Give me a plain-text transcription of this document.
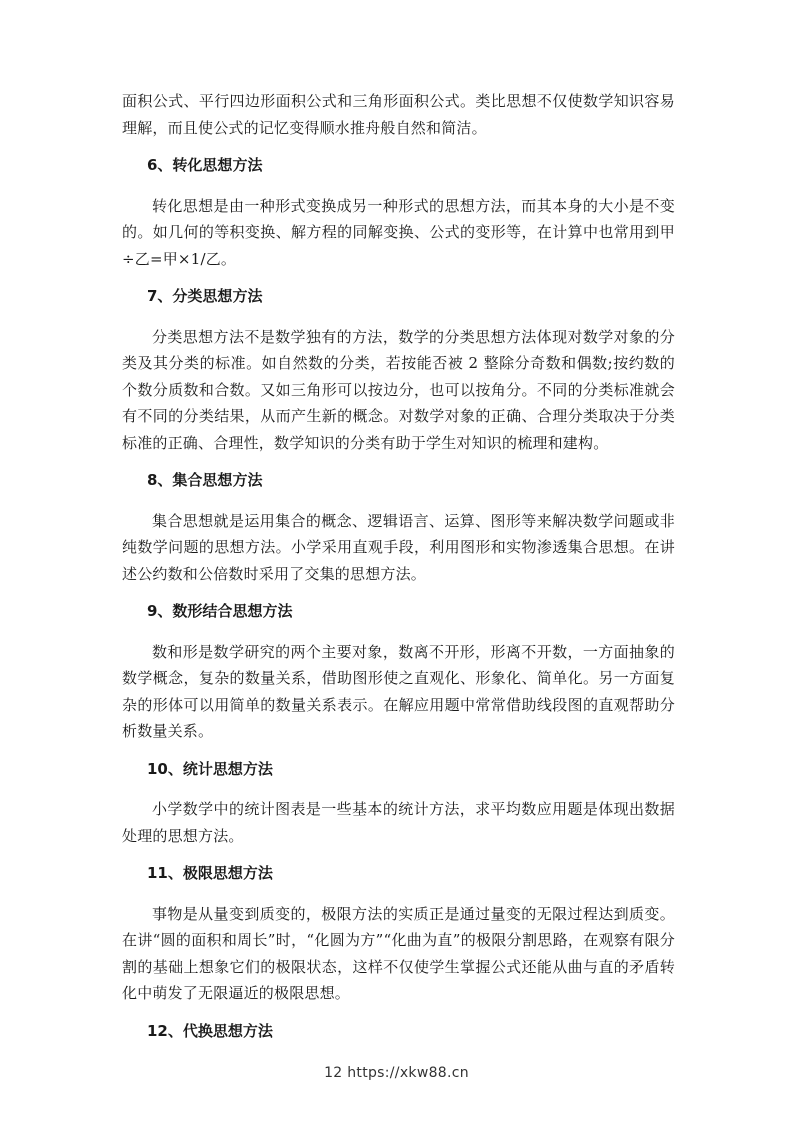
面积公式、平行四边形面积公式和三角形面积公式。类比思想不仅使数学知识容易理解，而且使公式的记忆变得顺水推舟般自然和简洁。

6、转化思想方法

转化思想是由一种形式变换成另一种形式的思想方法，而其本身的大小是不变的。如几何的等积变换、解方程的同解变换、公式的变形等，在计算中也常用到甲÷乙=甲×1/乙。

7、分类思想方法

分类思想方法不是数学独有的方法，数学的分类思想方法体现对数学对象的分类及其分类的标准。如自然数的分类，若按能否被 2 整除分奇数和偶数;按约数的个数分质数和合数。又如三角形可以按边分，也可以按角分。不同的分类标准就会有不同的分类结果，从而产生新的概念。对数学对象的正确、合理分类取决于分类标准的正确、合理性，数学知识的分类有助于学生对知识的梳理和建构。

8、集合思想方法

集合思想就是运用集合的概念、逻辑语言、运算、图形等来解决数学问题或非纯数学问题的思想方法。小学采用直观手段，利用图形和实物渗透集合思想。在讲述公约数和公倍数时采用了交集的思想方法。

9、数形结合思想方法

数和形是数学研究的两个主要对象，数离不开形，形离不开数，一方面抽象的数学概念，复杂的数量关系，借助图形使之直观化、形象化、简单化。另一方面复杂的形体可以用简单的数量关系表示。在解应用题中常常借助线段图的直观帮助分析数量关系。

10、统计思想方法

小学数学中的统计图表是一些基本的统计方法，求平均数应用题是体现出数据处理的思想方法。

11、极限思想方法

事物是从量变到质变的，极限方法的实质正是通过量变的无限过程达到质变。在讲“圆的面积和周长”时，“化圆为方”“化曲为直”的极限分割思路，在观察有限分割的基础上想象它们的极限状态，这样不仅使学生掌握公式还能从曲与直的矛盾转化中萌发了无限逼近的极限思想。

12、代换思想方法

12 https://xkw88.cn
